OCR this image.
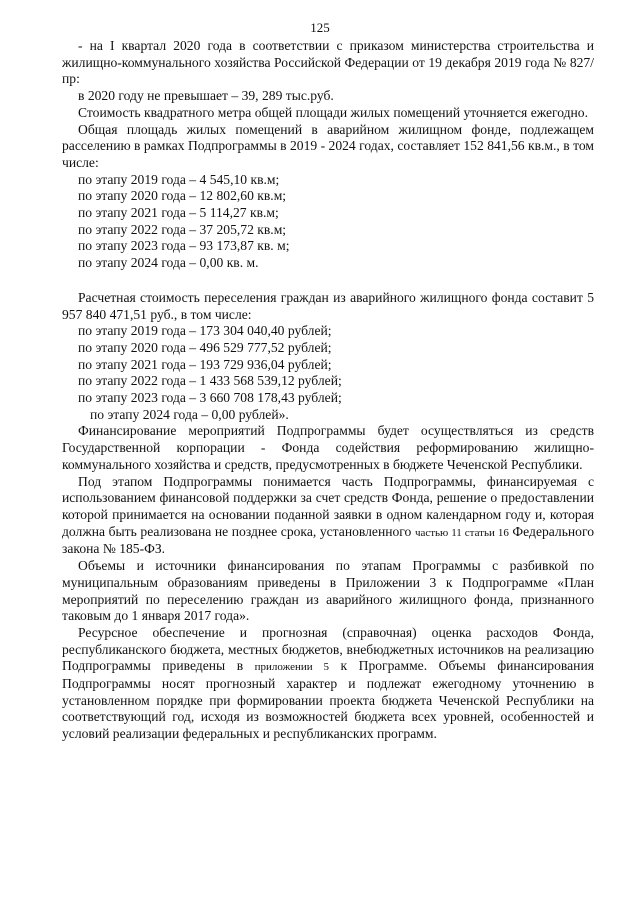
125

- на I квартал 2020 года в соответствии с приказом министерства строительства и жилищно-коммунального хозяйства Российской Федерации от 19 декабря 2019 года № 827/пр:

в 2020 году не превышает – 39, 289 тыс.руб.

Стоимость квадратного метра общей площади жилых помещений уточняется ежегодно.

Общая площадь жилых помещений в аварийном жилищном фонде, подлежащем расселению в рамках Подпрограммы в 2019 - 2024 годах, составляет 152 841,56 кв.м., в том числе:

по этапу 2019 года – 4 545,10 кв.м;

по этапу 2020 года – 12 802,60 кв.м;

по этапу 2021 года – 5 114,27 кв.м;

по этапу 2022 года – 37 205,72 кв.м;

по этапу 2023 года – 93 173,87 кв. м;

по этапу 2024 года – 0,00 кв. м.

Расчетная стоимость переселения граждан из аварийного жилищного фонда составит 5 957 840 471,51 руб., в том числе:

по этапу 2019 года – 173 304 040,40 рублей;

по этапу 2020 года – 496 529 777,52 рублей;

по этапу 2021 года – 193 729 936,04 рублей;

по этапу 2022 года – 1 433 568 539,12 рублей;

по этапу 2023 года – 3 660 708 178,43 рублей;

по этапу 2024 года – 0,00 рублей».

Финансирование мероприятий Подпрограммы будет осуществляться из средств Государственной корпорации - Фонда содействия реформированию жилищно-коммунального хозяйства и средств, предусмотренных в бюджете Чеченской Республики.

Под этапом Подпрограммы понимается часть Подпрограммы, финансируемая с использованием финансовой поддержки за счет средств Фонда, решение о предоставлении которой принимается на основании поданной заявки в одном календарном году и, которая должна быть реализована не позднее срока, установленного частью 11 статьи 16 Федерального закона № 185-ФЗ.

Объемы и источники финансирования по этапам Программы с разбивкой по муниципальным образованиям приведены в Приложении 3 к Подпрограмме «План мероприятий по переселению граждан из аварийного жилищного фонда, признанного таковым до 1 января 2017 года».

Ресурсное обеспечение и прогнозная (справочная) оценка расходов Фонда, республиканского бюджета, местных бюджетов, внебюджетных источников на реализацию Подпрограммы приведены в приложении 5 к Программе. Объемы финансирования Подпрограммы носят прогнозный характер и подлежат ежегодному уточнению в установленном порядке при формировании проекта бюджета Чеченской Республики на соответствующий год, исходя из возможностей бюджета всех уровней, особенностей и условий реализации федеральных и республиканских программ.
